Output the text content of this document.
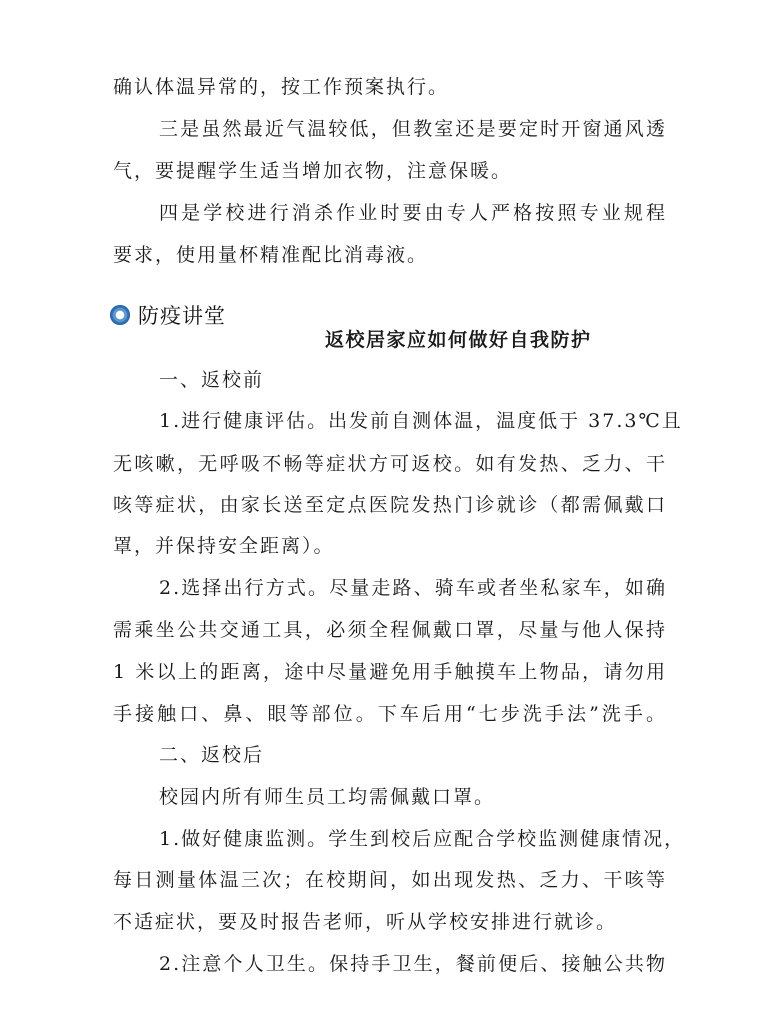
确认体温异常的，按工作预案执行。
三是虽然最近气温较低，但教室还是要定时开窗通风透
气，要提醒学生适当增加衣物，注意保暖。
四是学校进行消杀作业时要由专人严格按照专业规程
要求，使用量杯精准配比消毒液。
防疫讲堂
返校居家应如何做好自我防护
一、返校前
1.进行健康评估。出发前自测体温，温度低于 37.3℃且
无咳嗽，无呼吸不畅等症状方可返校。如有发热、乏力、干
咳等症状，由家长送至定点医院发热门诊就诊（都需佩戴口
罩，并保持安全距离）。
2.选择出行方式。尽量走路、骑车或者坐私家车，如确
需乘坐公共交通工具，必须全程佩戴口罩，尽量与他人保持
1 米以上的距离，途中尽量避免用手触摸车上物品，请勿用
手接触口、鼻、眼等部位。下车后用“七步洗手法”洗手。
二、返校后
校园内所有师生员工均需佩戴口罩。
1.做好健康监测。学生到校后应配合学校监测健康情况，
每日测量体温三次；在校期间，如出现发热、乏力、干咳等
不适症状，要及时报告老师，听从学校安排进行就诊。
2.注意个人卫生。保持手卫生，餐前便后、接触公共物
